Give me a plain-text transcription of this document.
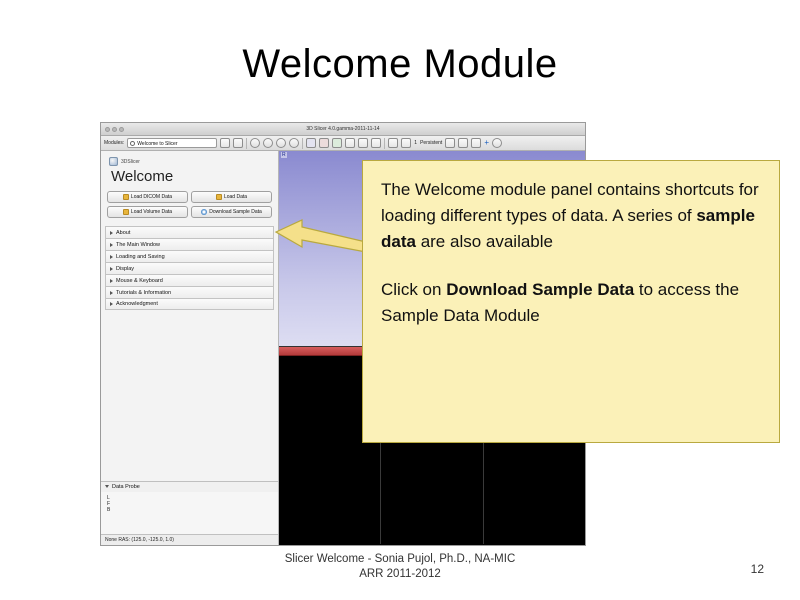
Welcome Module
3D Slicer 4.0.gamma-2011-11-14
Modules:	Welcome to Slicer	1 Persistent	+
3DSlicer
Welcome
Load DICOM Data	Load Data
Load Volume Data	Download Sample Data
About
The Main Window
Loading and Saving
Display
Mouse & Keyboard
Tutorials & Information
Acknowledgment
Data Probe
L
F
B
None RAS: (125.0, -125.0, 1.0)
R

The Welcome module panel contains shortcuts for loading different types of data. A series of sample data are also available

Click on Download Sample Data to access the Sample Data Module

Slicer Welcome - Sonia Pujol, Ph.D., NA-MIC
ARR 2011-2012	12
